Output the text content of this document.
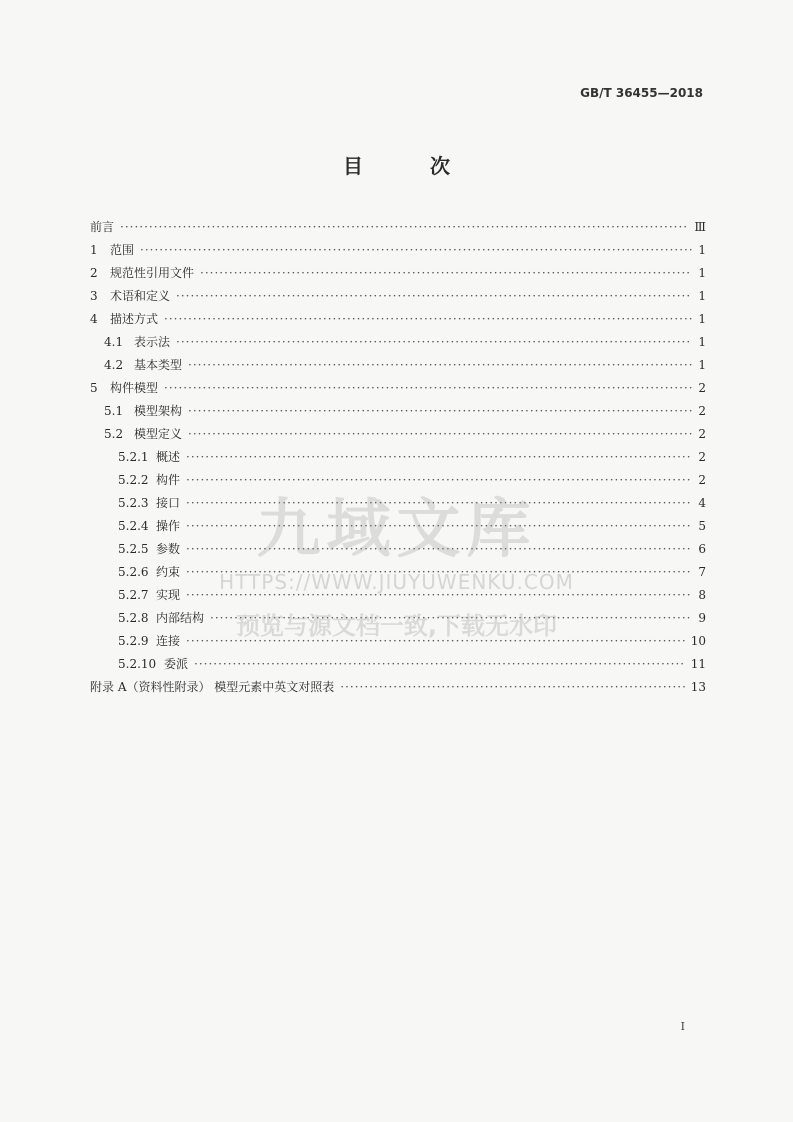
GB/T 36455—2018
目 次
前言 ·····	Ⅲ
1	范围 ·····	1
2	规范性引用文件 ·····	1
3	术语和定义 ·····	1
4	描述方式 ·····	1
4.1 表示法 ·····	1
4.2 基本类型 ·····	1
5	构件模型 ·····	2
5.1 模型架构 ·····	2
5.2 模型定义 ·····	2
5.2.1 概述 ·····	2
5.2.2 构件 ·····	2
5.2.3 接口 ·····	4
5.2.4 操作 ·····	5
5.2.5 参数 ·····	6
5.2.6 约束 ·····	7
5.2.7 实现 ·····	8
5.2.8 内部结构 ·····	9
5.2.9 连接 ·····	10
5.2.10 委派 ·····	11
附录 A（资料性附录） 模型元素中英文对照表 ·····	13
九域文库
HTTPS://WWW.JIUYUWENKU.COM
预览与源文档一致,下载无水印
I
